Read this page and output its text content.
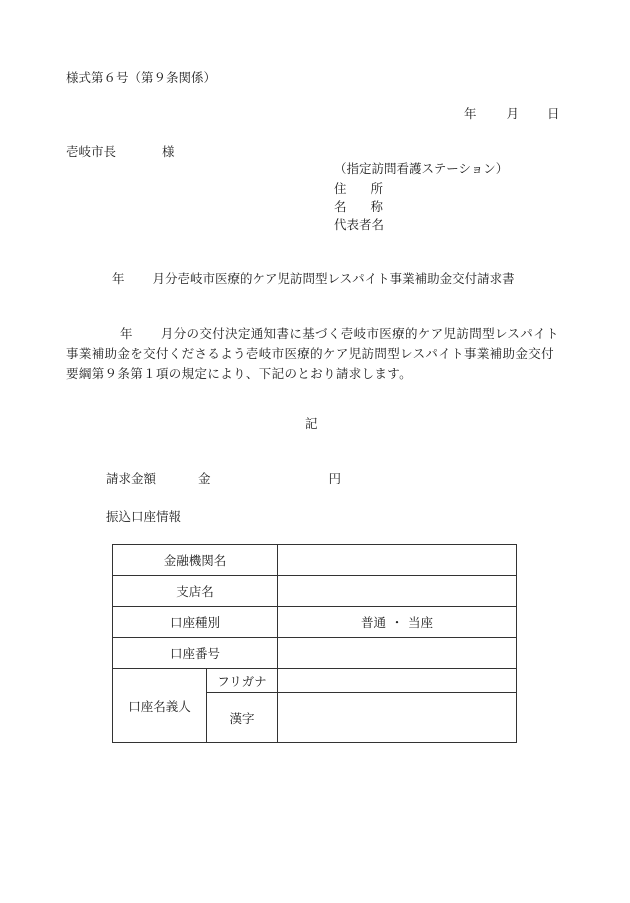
様式第６号（第９条関係）
年 月 日
壱岐市長	様
（指定訪問看護ステーション）
住 所
名 称
代表者名
年 月分壱岐市医療的ケア児訪問型レスパイト事業補助金交付請求書
年 月分の交付決定通知書に基づく壱岐市医療的ケア児訪問型レスパイト事業補助金を交付くださるよう壱岐市医療的ケア児訪問型レスパイト事業補助金交付要綱第９条第１項の規定により、下記のとおり請求します。
記
請求金額	金	円
振込口座情報
金融機関名		
支店名		
口座種別		普通 ・ 当座
口座番号		
口座名義人	フリガナ	
	漢字	
